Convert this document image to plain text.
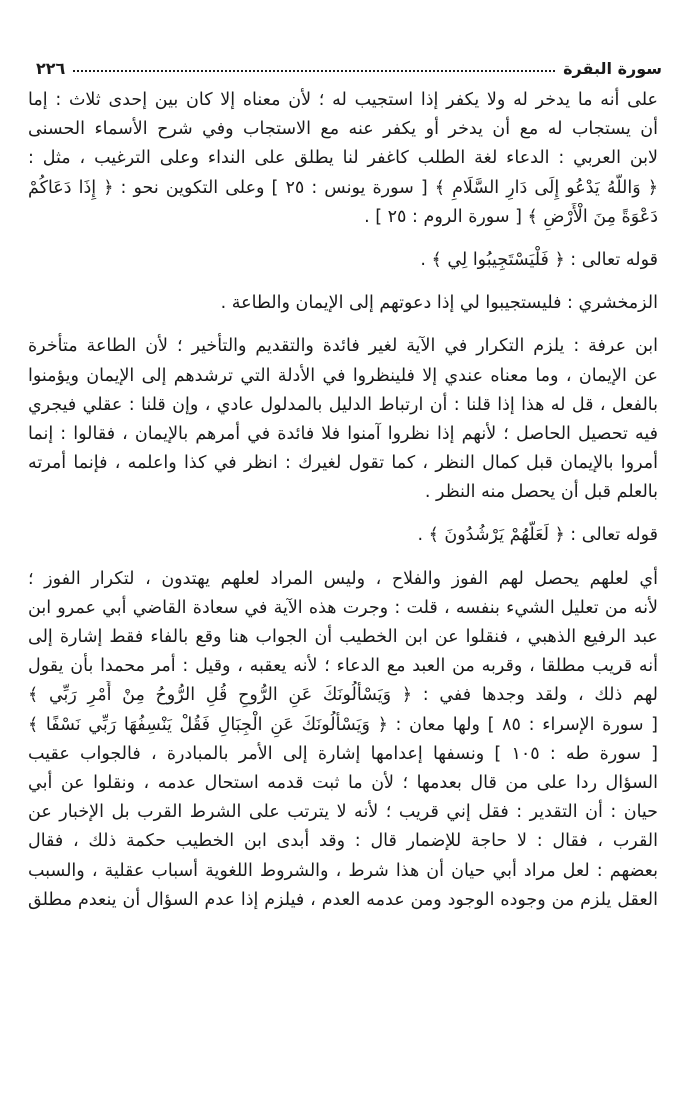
سورة البقرة
٢٢٦
على أنه ما يدخر له ولا يكفر إذا استجيب له ؛ لأن معناه إلا كان بين إحدى ثلاث : إما
أن يستجاب له مع أن يدخر أو يكفر عنه مع الاستجاب وفي شرح الأسماء الحسنى
لابن العربي : الدعاء لغة الطلب كاغفر لنا يطلق على النداء وعلى الترغيب ، مثل :
﴿ وَاللَّهُ يَدْعُو إِلَى دَارِ السَّلَامِ ﴾ [ سورة يونس : ٢٥ ] وعلى التكوين نحو : ﴿ إِذَا دَعَاكُمْ
دَعْوَةً مِنَ الْأَرْضِ ﴾ [ سورة الروم : ٢٥ ] .
قوله تعالى : ﴿ فَلْيَسْتَجِيبُوا لِي ﴾ .
الزمخشري : فليستجيبوا لي إذا دعوتهم إلى الإيمان والطاعة .
ابن عرفة : يلزم التكرار في الآية لغير فائدة والتقديم والتأخير ؛ لأن الطاعة متأخرة
عن الإيمان ، وما معناه عندي إلا فلينظروا في الأدلة التي ترشدهم إلى الإيمان ويؤمنوا
بالفعل ، قل له هذا إذا قلنا : أن ارتباط الدليل بالمدلول عادي ، وإن قلنا : عقلي فيجري
فيه تحصيل الحاصل ؛ لأنهم إذا نظروا آمنوا فلا فائدة في أمرهم بالإيمان ، فقالوا : إنما
أمروا بالإيمان قبل كمال النظر ، كما تقول لغيرك : انظر في كذا واعلمه ، فإنما أمرته
بالعلم قبل أن يحصل منه النظر .
قوله تعالى : ﴿ لَعَلَّهُمْ يَرْشُدُونَ ﴾ .
أي لعلهم يحصل لهم الفوز والفلاح ، وليس المراد لعلهم يهتدون ، لتكرار الفوز ؛
لأنه من تعليل الشيء بنفسه ، قلت : وجرت هذه الآية في سعادة القاضي أبي عمرو ابن
عبد الرفيع الذهبي ، فنقلوا عن ابن الخطيب أن الجواب هنا وقع بالفاء فقط إشارة إلى
أنه قريب مطلقا ، وقربه من العبد مع الدعاء ؛ لأنه يعقبه ، وقيل : أمر محمدا بأن يقول
لهم ذلك ، ولقد وجدها ففي : ﴿ وَيَسْأَلُونَكَ عَنِ الرُّوحِ قُلِ الرُّوحُ مِنْ أَمْرِ رَبِّي ﴾
[ سورة الإسراء : ٨٥ ] ولها معان : ﴿ وَيَسْأَلُونَكَ عَنِ الْجِبَالِ فَقُلْ يَنْسِفُهَا رَبِّي نَسْفًا ﴾
[ سورة طه : ١٠٥ ] ونسفها إعدامها إشارة إلى الأمر بالمبادرة ، فالجواب عقيب
السؤال ردا على من قال بعدمها ؛ لأن ما ثبت قدمه استحال عدمه ، ونقلوا عن أبي
حيان : أن التقدير : فقل إني قريب ؛ لأنه لا يترتب على الشرط القرب بل الإخبار عن
القرب ، فقال : لا حاجة للإضمار قال : وقد أبدى ابن الخطيب حكمة ذلك ، فقال
بعضهم : لعل مراد أبي حيان أن هذا شرط ، والشروط اللغوية أسباب عقلية ، والسبب
العقل يلزم من وجوده الوجود ومن عدمه العدم ، فيلزم إذا عدم السؤال أن ينعدم مطلق
